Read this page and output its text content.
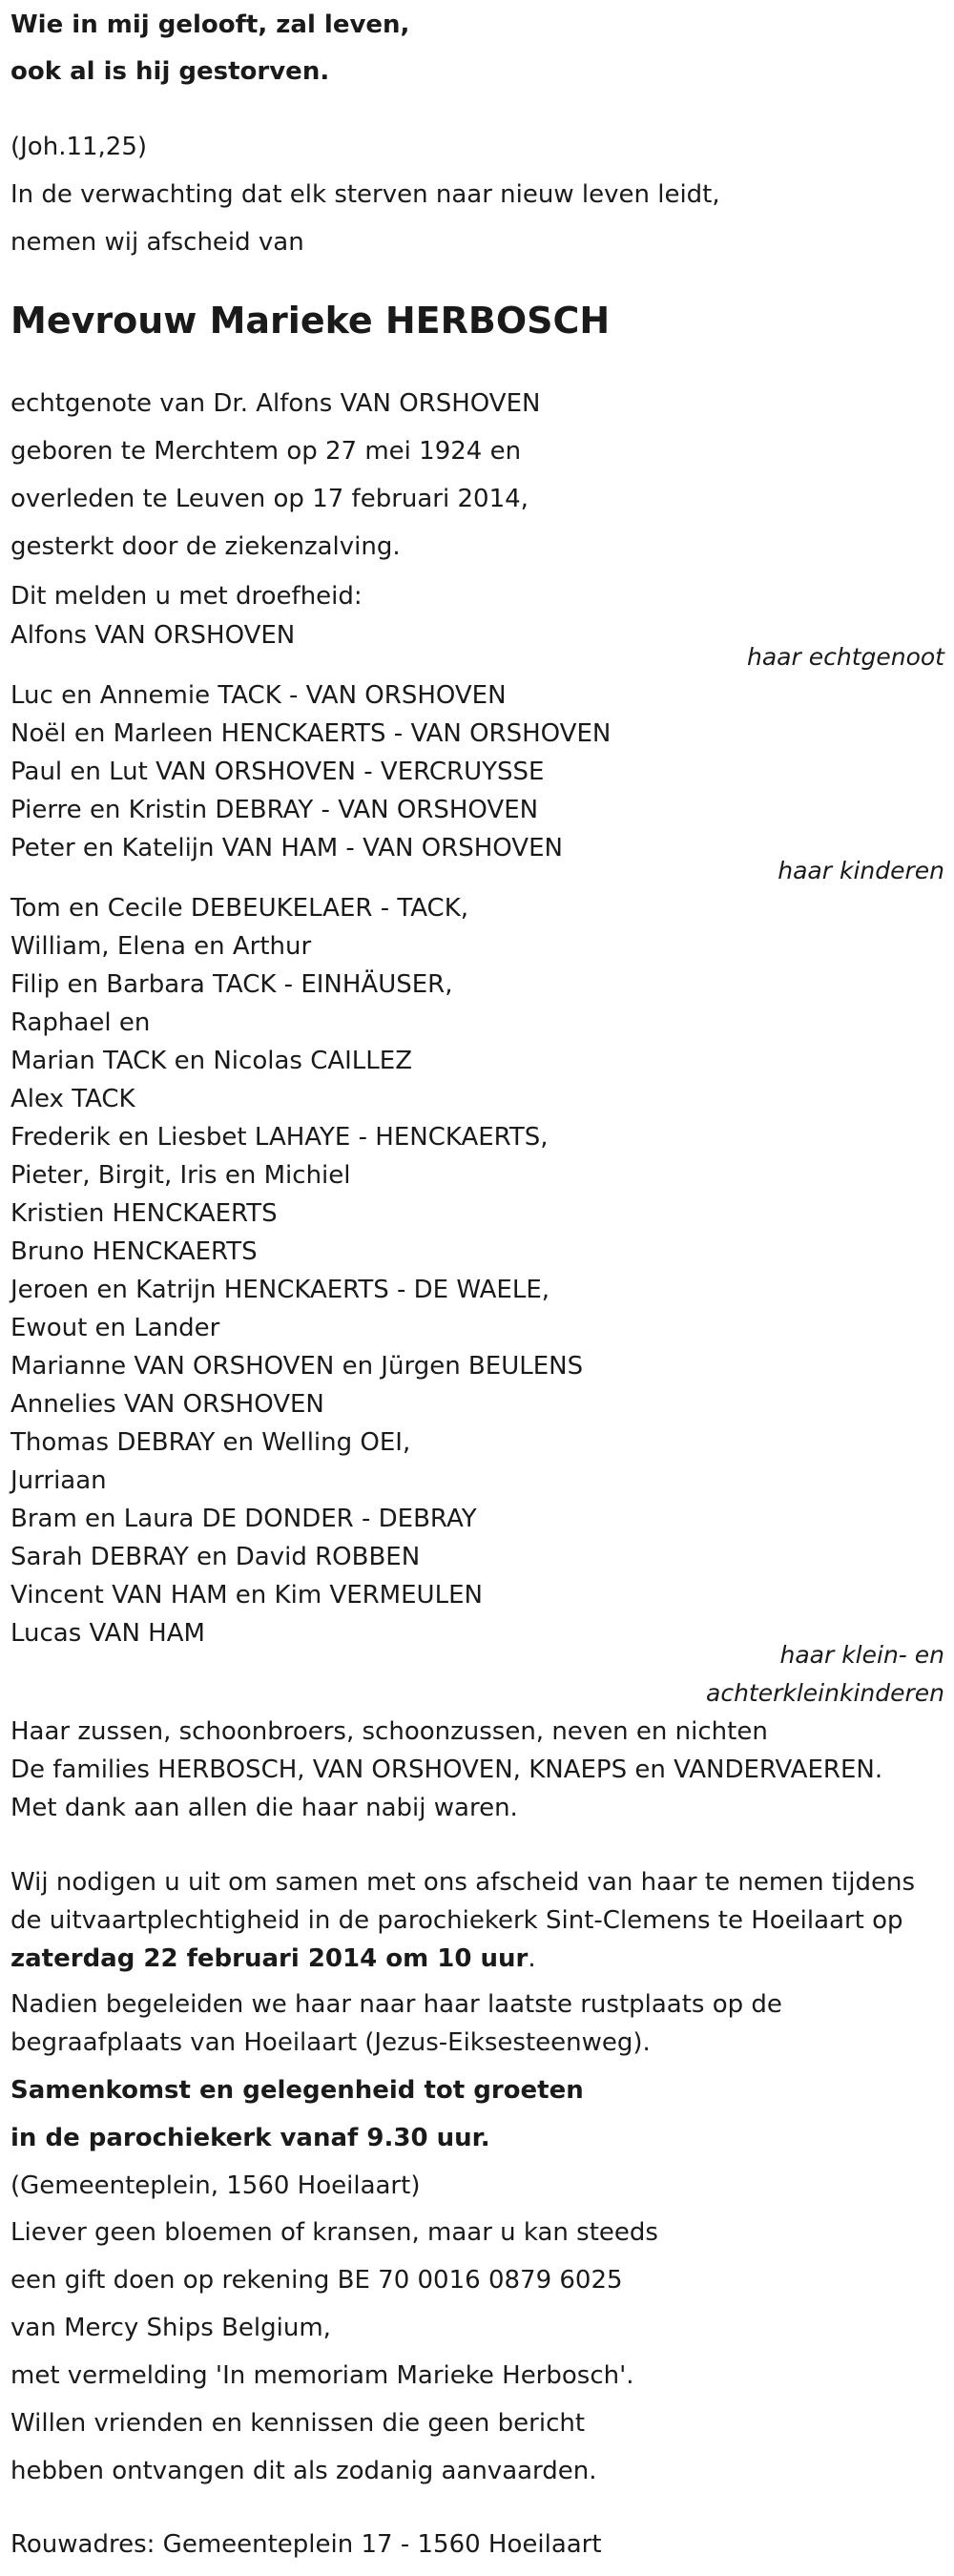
Wie in mij gelooft, zal leven,
ook al is hij gestorven.
(Joh.11,25)
In de verwachting dat elk sterven naar nieuw leven leidt,
nemen wij afscheid van
Mevrouw Marieke HERBOSCH
echtgenote van Dr. Alfons VAN ORSHOVEN
geboren te Merchtem op 27 mei 1924 en
overleden te Leuven op 17 februari 2014,
gesterkt door de ziekenzalving.
Dit melden u met droefheid:
Alfons VAN ORSHOVEN
haar echtgenoot
Luc en Annemie TACK - VAN ORSHOVEN
Noël en Marleen HENCKAERTS - VAN ORSHOVEN
Paul en Lut VAN ORSHOVEN - VERCRUYSSE
Pierre en Kristin DEBRAY - VAN ORSHOVEN
Peter en Katelijn VAN HAM - VAN ORSHOVEN
haar kinderen
Tom en Cecile DEBEUKELAER - TACK,
William, Elena en Arthur
Filip en Barbara TACK - EINHÄUSER,
Raphael en
Marian TACK en Nicolas CAILLEZ
Alex TACK
Frederik en Liesbet LAHAYE - HENCKAERTS,
Pieter, Birgit, Iris en Michiel
Kristien HENCKAERTS
Bruno HENCKAERTS
Jeroen en Katrijn HENCKAERTS - DE WAELE,
Ewout en Lander
Marianne VAN ORSHOVEN en Jürgen BEULENS
Annelies VAN ORSHOVEN
Thomas DEBRAY en Welling OEI,
Jurriaan
Bram en Laura DE DONDER - DEBRAY
Sarah DEBRAY en David ROBBEN
Vincent VAN HAM en Kim VERMEULEN
Lucas VAN HAM
haar klein- en
achterkleinkinderen
Haar zussen, schoonbroers, schoonzussen, neven en nichten
De families HERBOSCH, VAN ORSHOVEN, KNAEPS en VANDERVAEREN.
Met dank aan allen die haar nabij waren.
Wij nodigen u uit om samen met ons afscheid van haar te nemen tijdens
de uitvaartplechtigheid in de parochiekerk Sint-Clemens te Hoeilaart op
zaterdag 22 februari 2014 om 10 uur.
Nadien begeleiden we haar naar haar laatste rustplaats op de
begraafplaats van Hoeilaart (Jezus-Eiksesteenweg).
Samenkomst en gelegenheid tot groeten
in de parochiekerk vanaf 9.30 uur.
(Gemeenteplein, 1560 Hoeilaart)
Liever geen bloemen of kransen, maar u kan steeds
een gift doen op rekening BE 70 0016 0879 6025
van Mercy Ships Belgium,
met vermelding 'In memoriam Marieke Herbosch'.
Willen vrienden en kennissen die geen bericht
hebben ontvangen dit als zodanig aanvaarden.
Rouwadres: Gemeenteplein 17 - 1560 Hoeilaart
